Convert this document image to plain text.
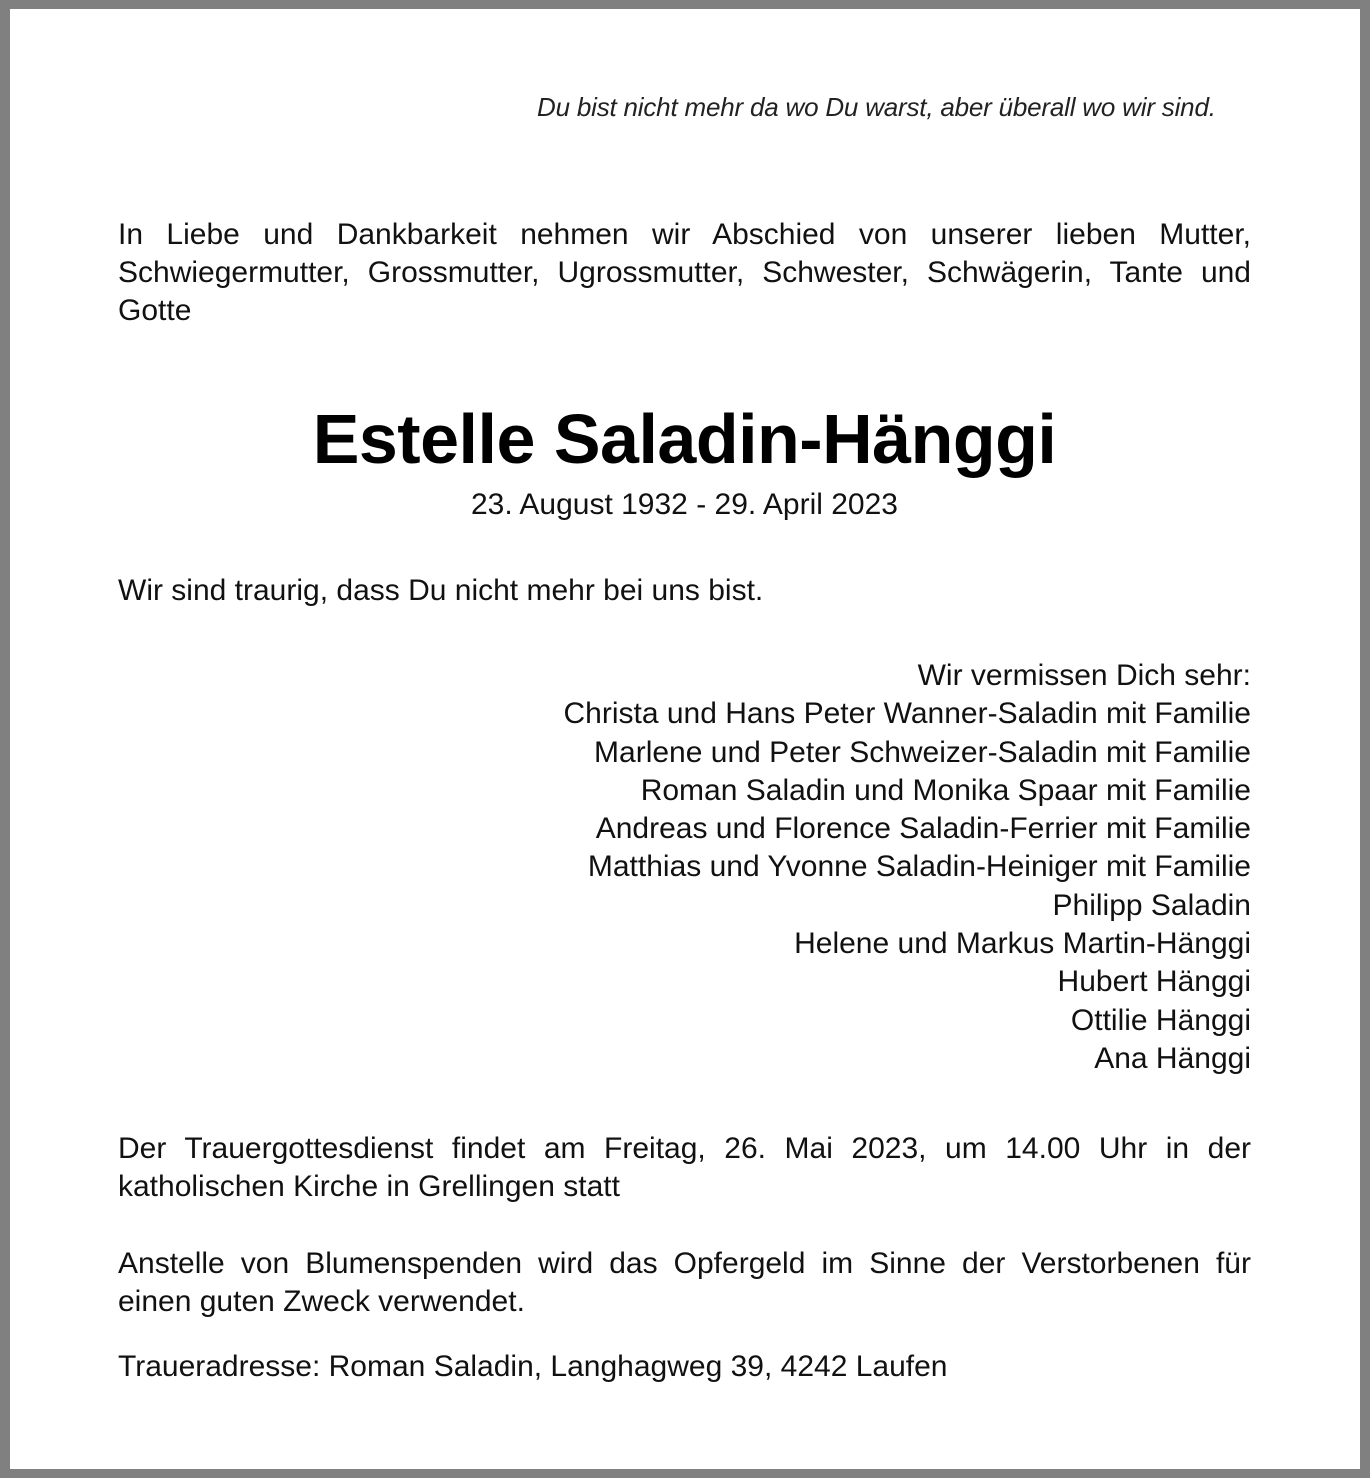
Du bist nicht mehr da wo Du warst, aber überall wo wir sind.
In Liebe und Dankbarkeit nehmen wir Abschied von unserer lieben Mutter, Schwiegermutter, Grossmutter, Ugrossmutter, Schwester, Schwägerin, Tante und Gotte
Estelle Saladin-Hänggi
23. August 1932 - 29. April 2023
Wir sind traurig, dass Du nicht mehr bei uns bist.
Wir vermissen Dich sehr:
Christa und Hans Peter Wanner-Saladin mit Familie
Marlene und Peter Schweizer-Saladin mit Familie
Roman Saladin und Monika Spaar mit Familie
Andreas und Florence Saladin-Ferrier mit Familie
Matthias und Yvonne Saladin-Heiniger mit Familie
Philipp Saladin
Helene und Markus Martin-Hänggi
Hubert Hänggi
Ottilie Hänggi
Ana Hänggi
Der Trauergottesdienst findet am Freitag, 26. Mai 2023, um 14.00 Uhr in der katholischen Kirche in Grellingen statt
Anstelle von Blumenspenden wird das Opfergeld im Sinne der Verstorbenen für einen guten Zweck verwendet.
Traueradresse: Roman Saladin, Langhagweg 39, 4242 Laufen
